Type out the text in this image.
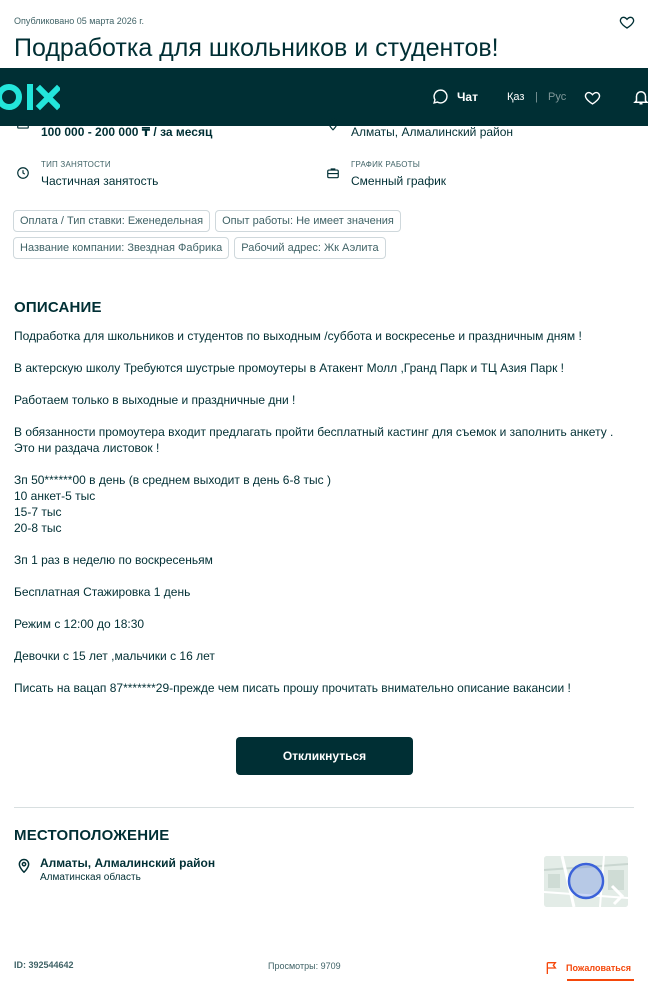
Опубликовано 05 марта 2026 г.
Подработка для школьников и студентов!
Чат	Қаз | Рус
100 000 - 200 000 ₸ / за месяц	Алматы, Алмалинский район
ТИП ЗАНЯТОСТИ
Частичная занятость
ГРАФИК РАБОТЫ
Сменный график
Оплата / Тип ставки: Еженедельная	Опыт работы: Не имеет значения
Название компании: Звездная Фабрика	Рабочий адрес: Жк Аэлита
ОПИСАНИЕ

Подработка для школьников и студентов по выходным /суббота и воскресенье и праздничным дням !

В актерскую школу Требуются шустрые промоутеры в Атакент Молл ,Гранд Парк и ТЦ Азия Парк !

Работаем только в выходные и праздничные дни !

В обязанности промоутера входит предлагать пройти бесплатный кастинг для съемок и заполнить анкету .
Это ни раздача листовок !

Зп 50******00 в день (в среднем выходит в день 6-8 тыс )
10 анкет-5 тыс
15-7 тыс
20-8 тыс

Зп 1 раз в неделю по воскресеньям

Бесплатная Стажировка 1 день

Режим с 12:00 до 18:30

Девочки с 15 лет ,мальчики с 16 лет

Писать на вацап 87*******29-прежде чем писать прошу прочитать внимательно описание вакансии !

Откликнуться
МЕСТОПОЛОЖЕНИЕ
Алматы, Алмалинский район
Алматинская область
ID: 392544642	Просмотры: 9709	Пожаловаться
